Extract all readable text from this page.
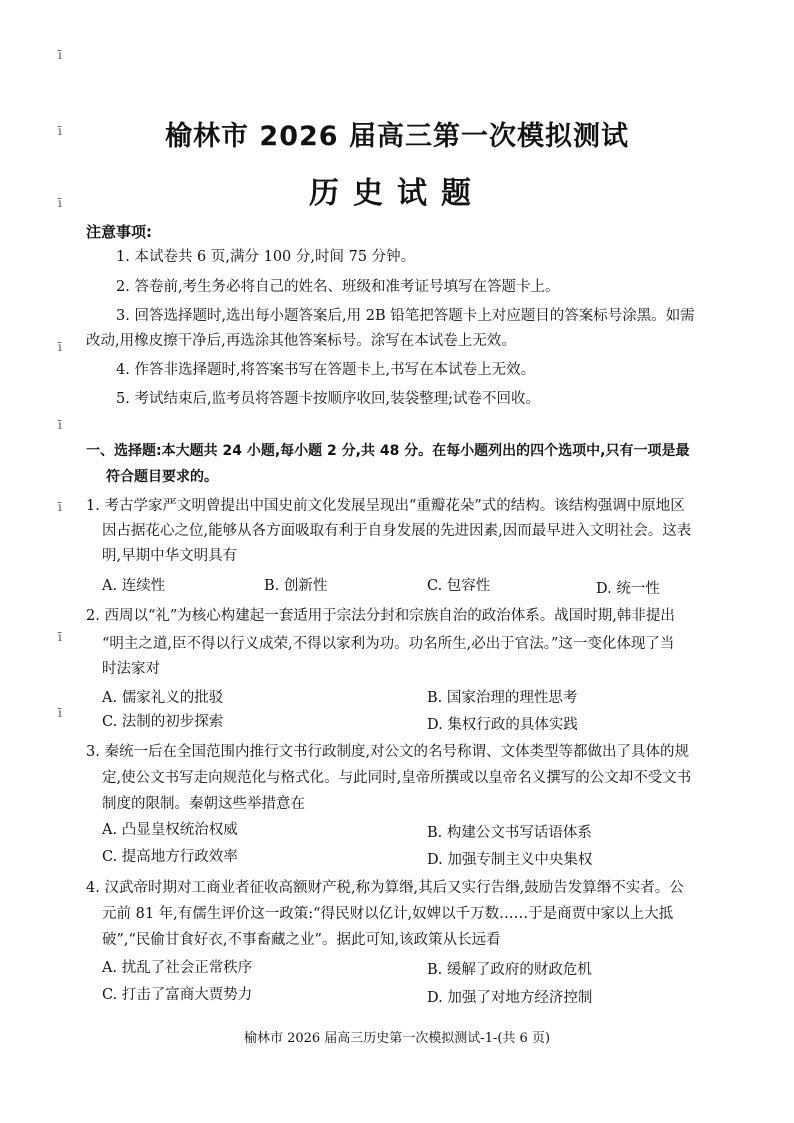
ī
ī
ī
ī
ī
ī
ī
ī
榆林市 2026 届高三第一次模拟测试
历史试题
注意事项:
1. 本试卷共 6 页,满分 100 分,时间 75 分钟。
2. 答卷前,考生务必将自己的姓名、班级和准考证号填写在答题卡上。
3. 回答选择题时,选出每小题答案后,用 2B 铅笔把答题卡上对应题目的答案标号涂黑。如需
改动,用橡皮擦干净后,再选涂其他答案标号。涂写在本试卷上无效。
4. 作答非选择题时,将答案书写在答题卡上,书写在本试卷上无效。
5. 考试结束后,监考员将答题卡按顺序收回,装袋整理;试卷不回收。
一、选择题:本大题共 24 小题,每小题 2 分,共 48 分。在每小题列出的四个选项中,只有一项是最
符合题目要求的。
1. 考古学家严文明曾提出中国史前文化发展呈现出“重瓣花朵”式的结构。该结构强调中原地区
因占据花心之位,能够从各方面吸取有利于自身发展的先进因素,因而最早进入文明社会。这表
明,早期中华文明具有
A. 连续性	B. 创新性	C. 包容性	D. 统一性
2. 西周以“礼”为核心构建起一套适用于宗法分封和宗族自治的政治体系。战国时期,韩非提出
“明主之道,臣不得以行义成荣,不得以家利为功。功名所生,必出于官法。”这一变化体现了当
时法家对
A. 儒家礼义的批驳	B. 国家治理的理性思考
C. 法制的初步探索	D. 集权行政的具体实践
3. 秦统一后在全国范围内推行文书行政制度,对公文的名号称谓、文体类型等都做出了具体的规
定,使公文书写走向规范化与格式化。与此同时,皇帝所撰或以皇帝名义撰写的公文却不受文书
制度的限制。秦朝这些举措意在
A. 凸显皇权统治权威	B. 构建公文书写话语体系
C. 提高地方行政效率	D. 加强专制主义中央集权
4. 汉武帝时期对工商业者征收高额财产税,称为算缗,其后又实行告缗,鼓励告发算缗不实者。公
元前 81 年,有儒生评价这一政策:“得民财以亿计,奴婢以千万数……于是商贾中家以上大抵
破”,“民偷甘食好衣,不事畜藏之业”。据此可知,该政策从长远看
A. 扰乱了社会正常秩序	B. 缓解了政府的财政危机
C. 打击了富商大贾势力	D. 加强了对地方经济控制
榆林市 2026 届高三历史第一次模拟测试-1-(共 6 页)
